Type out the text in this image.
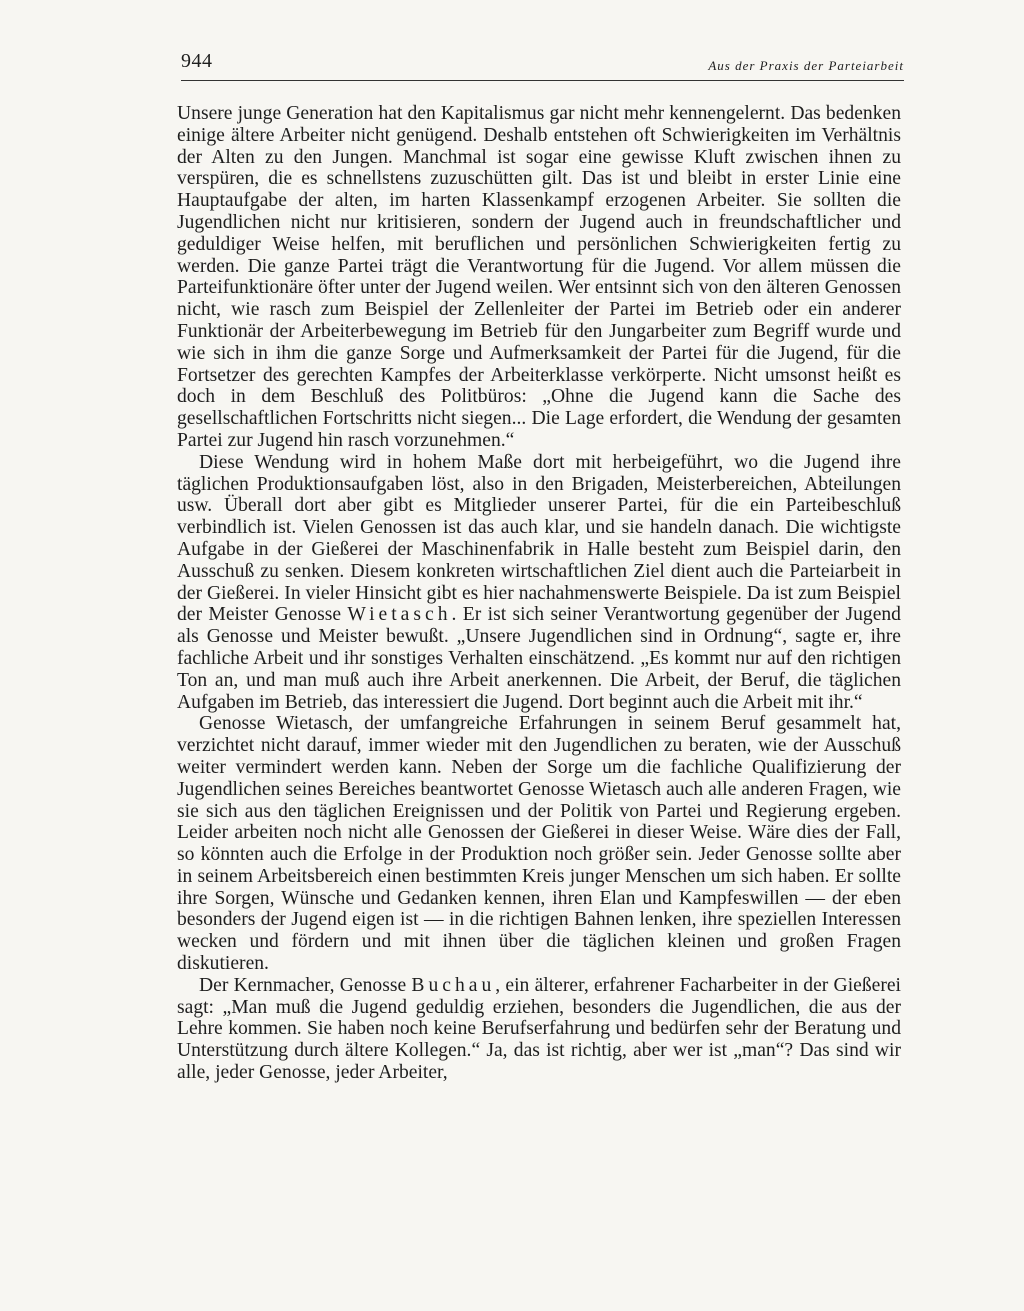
944	Aus der Praxis der Parteiarbeit

Unsere junge Generation hat den Kapitalismus gar nicht mehr kennengelernt. Das bedenken einige ältere Arbeiter nicht genügend. Deshalb entstehen oft Schwierigkeiten im Verhältnis der Alten zu den Jungen. Manchmal ist sogar eine gewisse Kluft zwischen ihnen zu verspüren, die es schnellstens zuzuschütten gilt. Das ist und bleibt in erster Linie eine Hauptaufgabe der alten, im harten Klassenkampf erzogenen Arbeiter. Sie sollten die Jugendlichen nicht nur kritisieren, sondern der Jugend auch in freundschaftlicher und geduldiger Weise helfen, mit beruflichen und persönlichen Schwierigkeiten fertig zu werden. Die ganze Partei trägt die Verantwortung für die Jugend. Vor allem müssen die Parteifunktionäre öfter unter der Jugend weilen. Wer entsinnt sich von den älteren Genossen nicht, wie rasch zum Beispiel der Zellenleiter der Partei im Betrieb oder ein anderer Funktionär der Arbeiterbewegung im Betrieb für den Jungarbeiter zum Begriff wurde und wie sich in ihm die ganze Sorge und Aufmerksamkeit der Partei für die Jugend, für die Fortsetzer des gerechten Kampfes der Arbeiterklasse verkörperte. Nicht umsonst heißt es doch in dem Beschluß des Politbüros: „Ohne die Jugend kann die Sache des gesellschaftlichen Fortschritts nicht siegen... Die Lage erfordert, die Wendung der gesamten Partei zur Jugend hin rasch vorzunehmen.“

Diese Wendung wird in hohem Maße dort mit herbeigeführt, wo die Jugend ihre täglichen Produktionsaufgaben löst, also in den Brigaden, Meisterbereichen, Abteilungen usw. Überall dort aber gibt es Mitglieder unserer Partei, für die ein Parteibeschluß verbindlich ist. Vielen Genossen ist das auch klar, und sie handeln danach. Die wichtigste Aufgabe in der Gießerei der Maschinenfabrik in Halle besteht zum Beispiel darin, den Ausschuß zu senken. Diesem konkreten wirtschaftlichen Ziel dient auch die Parteiarbeit in der Gießerei. In vieler Hinsicht gibt es hier nachahmenswerte Beispiele. Da ist zum Beispiel der Meister Genosse Wietasch. Er ist sich seiner Verantwortung gegenüber der Jugend als Genosse und Meister bewußt. „Unsere Jugendlichen sind in Ordnung“, sagte er, ihre fachliche Arbeit und ihr sonstiges Verhalten einschätzend. „Es kommt nur auf den richtigen Ton an, und man muß auch ihre Arbeit anerkennen. Die Arbeit, der Beruf, die täglichen Aufgaben im Betrieb, das interessiert die Jugend. Dort beginnt auch die Arbeit mit ihr.“

Genosse Wietasch, der umfangreiche Erfahrungen in seinem Beruf gesammelt hat, verzichtet nicht darauf, immer wieder mit den Jugendlichen zu beraten, wie der Ausschuß weiter vermindert werden kann. Neben der Sorge um die fachliche Qualifizierung der Jugendlichen seines Bereiches beantwortet Genosse Wietasch auch alle anderen Fragen, wie sie sich aus den täglichen Ereignissen und der Politik von Partei und Regierung ergeben. Leider arbeiten noch nicht alle Genossen der Gießerei in dieser Weise. Wäre dies der Fall, so könnten auch die Erfolge in der Produktion noch größer sein. Jeder Genosse sollte aber in seinem Arbeitsbereich einen bestimmten Kreis junger Menschen um sich haben. Er sollte ihre Sorgen, Wünsche und Gedanken kennen, ihren Elan und Kampfeswillen — der eben besonders der Jugend eigen ist — in die richtigen Bahnen lenken, ihre speziellen Interessen wecken und fördern und mit ihnen über die täglichen kleinen und großen Fragen diskutieren.

Der Kernmacher, Genosse Buchau, ein älterer, erfahrener Facharbeiter in der Gießerei sagt: „Man muß die Jugend geduldig erziehen, besonders die Jugendlichen, die aus der Lehre kommen. Sie haben noch keine Berufserfahrung und bedürfen sehr der Beratung und Unterstützung durch ältere Kollegen.“ Ja, das ist richtig, aber wer ist „man“? Das sind wir alle, jeder Genosse, jeder Arbeiter,
